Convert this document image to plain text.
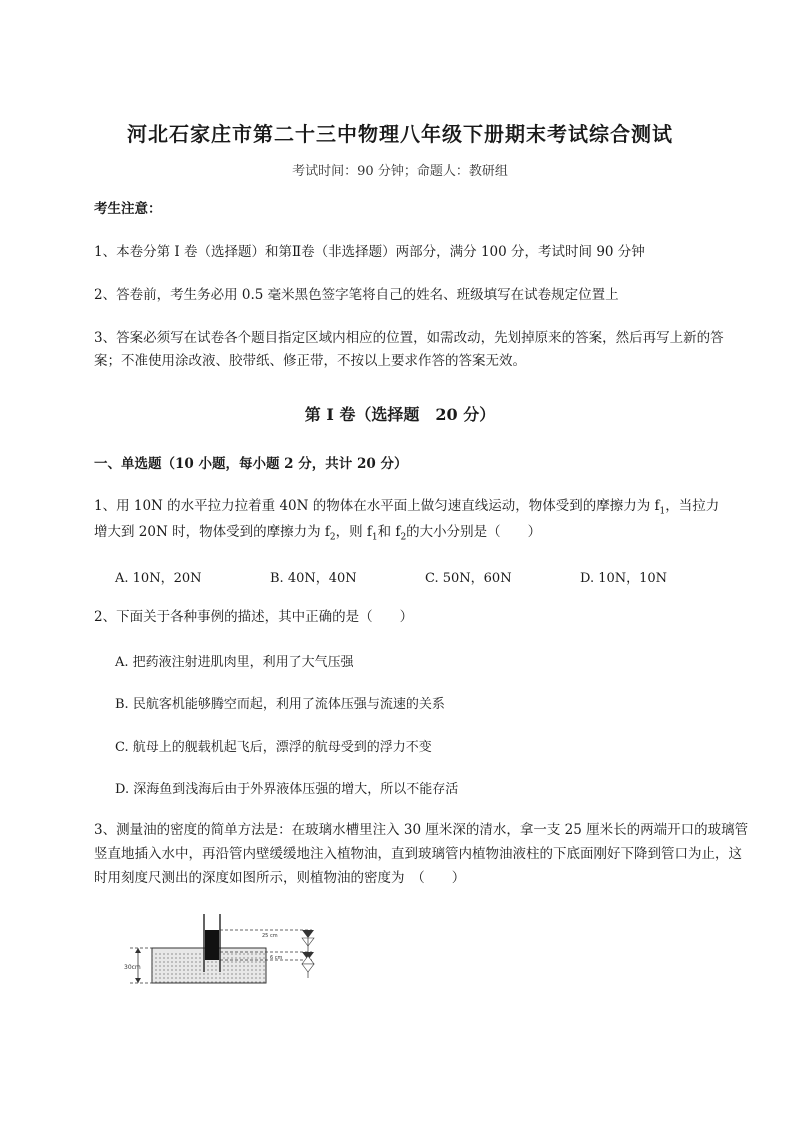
河北石家庄市第二十三中物理八年级下册期末考试综合测试
考试时间：90 分钟；命题人：教研组
考生注意：
1、本卷分第 I 卷（选择题）和第Ⅱ卷（非选择题）两部分，满分 100 分，考试时间 90 分钟
2、答卷前，考生务必用 0.5 毫米黑色签字笔将自己的姓名、班级填写在试卷规定位置上
3、答案必须写在试卷各个题目指定区域内相应的位置，如需改动，先划掉原来的答案，然后再写上新的答案；不准使用涂改液、胶带纸、修正带，不按以上要求作答的答案无效。
第 I 卷（选择题　20 分）
一、单选题（10 小题，每小题 2 分，共计 20 分）
1、用 10N 的水平拉力拉着重 40N 的物体在水平面上做匀速直线运动，物体受到的摩擦力为 $f_1$，当拉力
增大到 20N 时，物体受到的摩擦力为 $f_2$，则 $f_1$和 $f_2$的大小分别是（　　）
A. 10N，20N	B. 40N，40N	C. 50N，60N	D. 10N，10N
2、下面关于各种事例的描述，其中正确的是（　　）
A. 把药液注射进肌肉里，利用了大气压强
B. 民航客机能够腾空而起，利用了流体压强与流速的关系
C. 航母上的舰载机起飞后，漂浮的航母受到的浮力不变
D. 深海鱼到浅海后由于外界液体压强的增大，所以不能存活
3、测量油的密度的简单方法是：在玻璃水槽里注入 30 厘米深的清水，拿一支 25 厘米长的两端开口的玻璃管竖直地插入水中，再沿管内壁缓缓地注入植物油，直到玻璃管内植物油液柱的下底面刚好下降到管口为止，这时用刻度尺测出的深度如图所示，则植物油的密度为　（　　）
30cm
25 cm
6 cm
